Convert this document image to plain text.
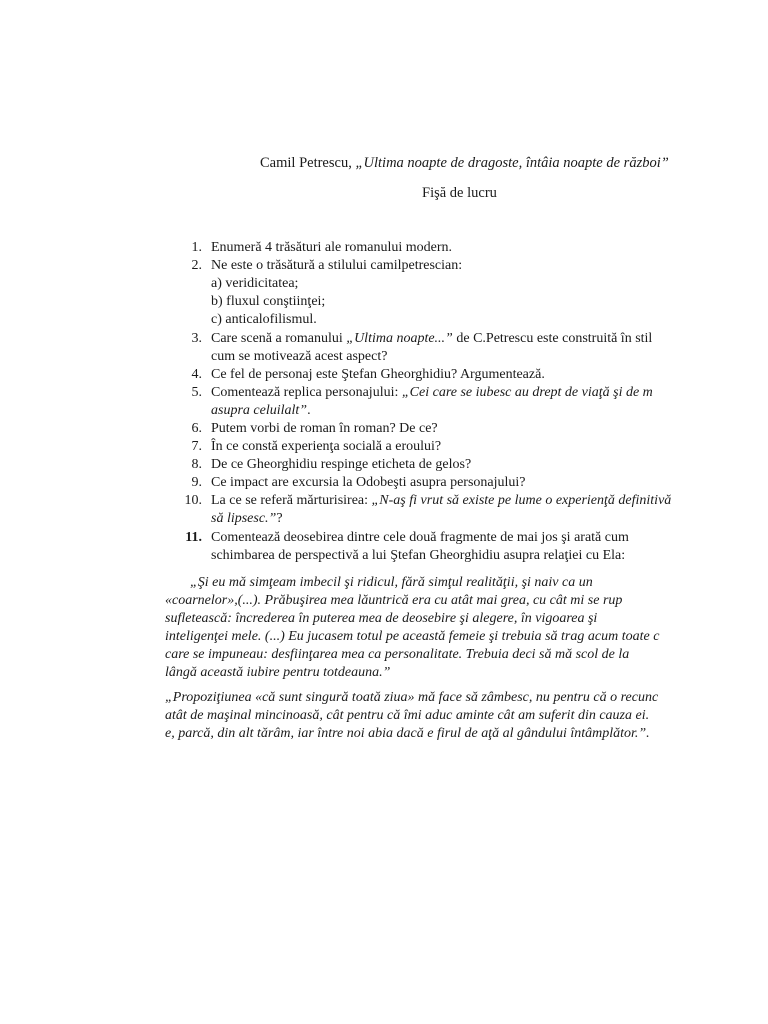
Camil Petrescu, „Ultima noapte de dragoste, întâia noapte de război”
Fişă de lucru
1. Enumeră 4 trăsături ale romanului modern.
2. Ne este o trăsătură a stilului camilpetrescian:
a) veridicitatea;
b) fluxul conştiinţei;
c) anticalofilismul.
3. Care scenă a romanului „Ultima noapte...” de C.Petrescu este construită în stil
cum se motivează acest aspect?
4. Ce fel de personaj este Ştefan Gheorghidiu? Argumentează.
5. Comentează replica personajului: „Cei care se iubesc au drept de viaţă şi de m
asupra celuilalt”.
6. Putem vorbi de roman în roman? De ce?
7. În ce constă experienţa socială a eroului?
8. De ce Gheorghidiu respinge eticheta de gelos?
9. Ce impact are excursia la Odobeşti asupra personajului?
10. La ce se referă mărturisirea: „N-aş fi vrut să existe pe lume o experienţă definitivă
să lipsesc.”?
11. Comentează deosebirea dintre cele două fragmente de mai jos şi arată cum
schimbarea de perspectivă a lui Ştefan Gheorghidiu asupra relaţiei cu Ela:
„Şi eu mă simţeam imbecil şi ridicul, fără simţul realităţii, şi naiv ca un
«coarnelor»,(...). Prăbuşirea mea lăuntrică era cu atât mai grea, cu cât mi se rup
sufletească: încrederea în puterea mea de deosebire şi alegere, în vigoarea şi
inteligenţei mele. (...) Eu jucasem totul pe această femeie şi trebuia să trag acum toate c
care se impuneau: desfiinţarea mea ca personalitate. Trebuia deci să mă scol de la
lângă această iubire pentru totdeauna.”
„Propoziţiunea «că sunt singură toată ziua» mă face să zâmbesc, nu pentru că o recunc
atât de maşinal mincinoasă, cât pentru că îmi aduc aminte cât am suferit din cauza ei.
e, parcă, din alt tărâm, iar între noi abia dacă e firul de aţă al gândului întâmplător.”.
